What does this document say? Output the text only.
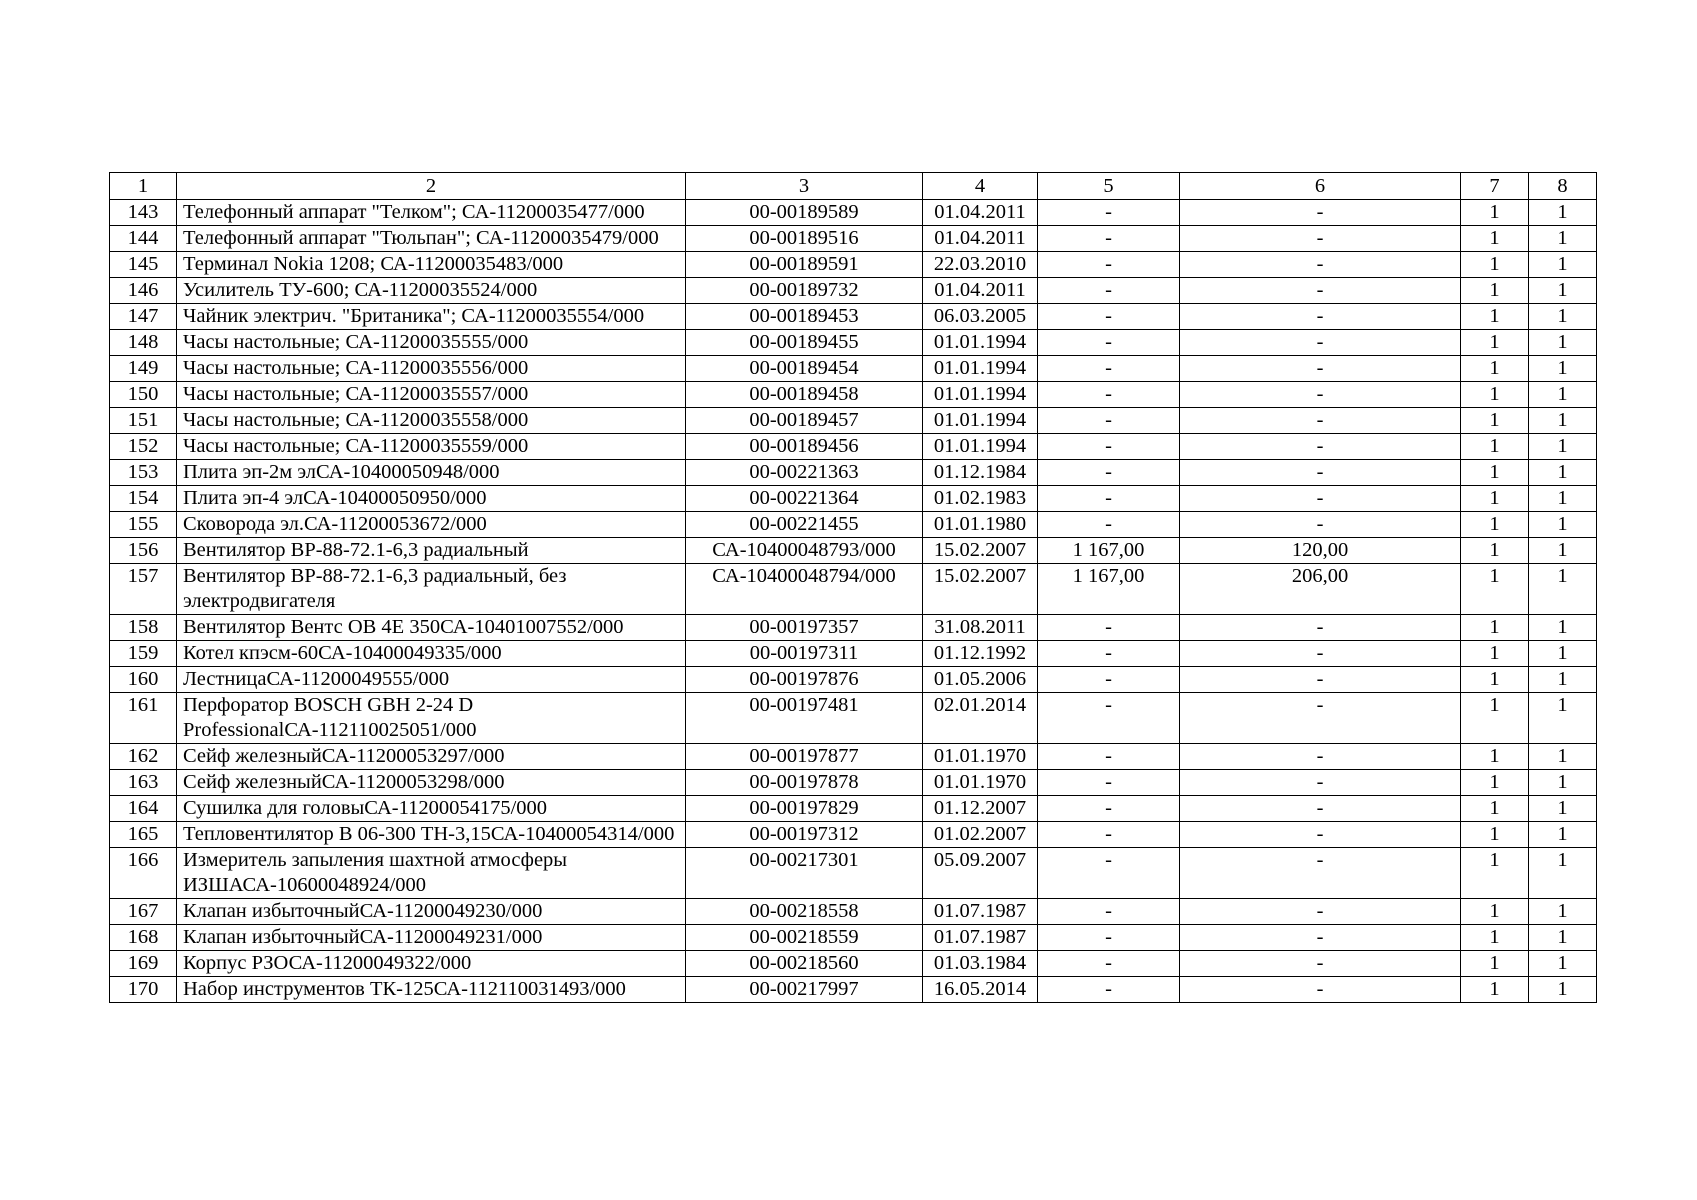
1	2	3	4	5	6	7	8
143	Телефонный аппарат "Телком"; СА-11200035477/000	00-00189589	01.04.2011	-	-	1	1
144	Телефонный аппарат "Тюльпан"; СА-11200035479/000	00-00189516	01.04.2011	-	-	1	1
145	Терминал Nokia 1208; СА-11200035483/000	00-00189591	22.03.2010	-	-	1	1
146	Усилитель ТУ-600; СА-11200035524/000	00-00189732	01.04.2011	-	-	1	1
147	Чайник электрич. "Британика"; СА-11200035554/000	00-00189453	06.03.2005	-	-	1	1
148	Часы настольные; СА-11200035555/000	00-00189455	01.01.1994	-	-	1	1
149	Часы настольные; СА-11200035556/000	00-00189454	01.01.1994	-	-	1	1
150	Часы настольные; СА-11200035557/000	00-00189458	01.01.1994	-	-	1	1
151	Часы настольные; СА-11200035558/000	00-00189457	01.01.1994	-	-	1	1
152	Часы настольные; СА-11200035559/000	00-00189456	01.01.1994	-	-	1	1
153	Плита эп-2м элСА-10400050948/000	00-00221363	01.12.1984	-	-	1	1
154	Плита эп-4 элСА-10400050950/000	00-00221364	01.02.1983	-	-	1	1
155	Сковорода эл.СА-11200053672/000	00-00221455	01.01.1980	-	-	1	1
156	Вентилятор ВР-88-72.1-6,3 радиальный	СА-10400048793/000	15.02.2007	1 167,00	120,00	1	1
157	Вентилятор ВР-88-72.1-6,3 радиальный, без электродвигателя	СА-10400048794/000	15.02.2007	1 167,00	206,00	1	1
158	Вентилятор Вентс ОВ 4Е 350СА-10401007552/000	00-00197357	31.08.2011	-	-	1	1
159	Котел кпэсм-60СА-10400049335/000	00-00197311	01.12.1992	-	-	1	1
160	ЛестницаСА-11200049555/000	00-00197876	01.05.2006	-	-	1	1
161	Перфоратор BOSCH GBH 2-24 D ProfessionalСА-112110025051/000	00-00197481	02.01.2014	-	-	1	1
162	Сейф железныйСА-11200053297/000	00-00197877	01.01.1970	-	-	1	1
163	Сейф железныйСА-11200053298/000	00-00197878	01.01.1970	-	-	1	1
164	Сушилка для головыСА-11200054175/000	00-00197829	01.12.2007	-	-	1	1
165	Тепловентилятор В 06-300 ТН-3,15СА-10400054314/000	00-00197312	01.02.2007	-	-	1	1
166	Измеритель запыления шахтной атмосферы ИЗШАСА-10600048924/000	00-00217301	05.09.2007	-	-	1	1
167	Клапан избыточныйСА-11200049230/000	00-00218558	01.07.1987	-	-	1	1
168	Клапан избыточныйСА-11200049231/000	00-00218559	01.07.1987	-	-	1	1
169	Корпус РЗОСА-11200049322/000	00-00218560	01.03.1984	-	-	1	1
170	Набор инструментов ТК-125СА-112110031493/000	00-00217997	16.05.2014	-	-	1	1
